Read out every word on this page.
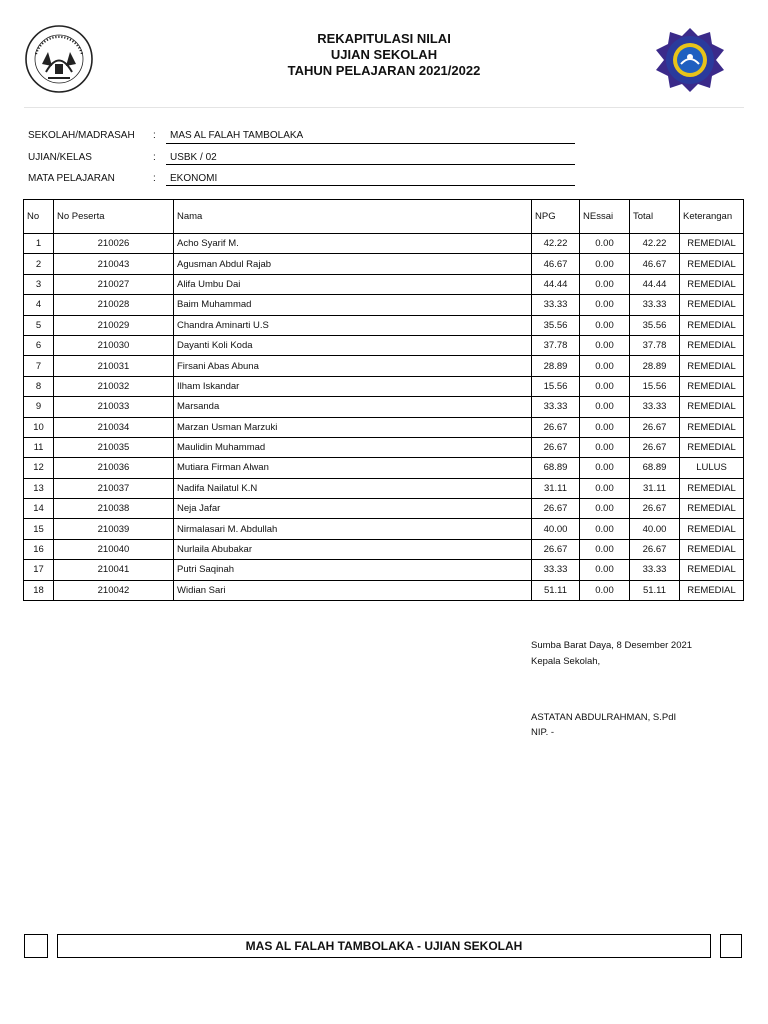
REKAPITULASI NILAI
UJIAN SEKOLAH
TAHUN PELAJARAN 2021/2022
SEKOLAH/MADRASAH : MAS AL FALAH TAMBOLAKA
UJIAN/KELAS	: USBK / 02
MATA PELAJARAN	: EKONOMI
No	No Peserta	Nama	NPG	NEssai	Total	Keterangan
1	210026	Acho Syarif M.	42.22	0.00	42.22	REMEDIAL
2	210043	Agusman Abdul Rajab	46.67	0.00	46.67	REMEDIAL
3	210027	Alifa Umbu Dai	44.44	0.00	44.44	REMEDIAL
4	210028	Baim Muhammad	33.33	0.00	33.33	REMEDIAL
5	210029	Chandra Aminarti U.S	35.56	0.00	35.56	REMEDIAL
6	210030	Dayanti Koli Koda	37.78	0.00	37.78	REMEDIAL
7	210031	Firsani Abas Abuna	28.89	0.00	28.89	REMEDIAL
8	210032	Ilham Iskandar	15.56	0.00	15.56	REMEDIAL
9	210033	Marsanda	33.33	0.00	33.33	REMEDIAL
10	210034	Marzan Usman Marzuki	26.67	0.00	26.67	REMEDIAL
11	210035	Maulidin Muhammad	26.67	0.00	26.67	REMEDIAL
12	210036	Mutiara Firman Alwan	68.89	0.00	68.89	LULUS
13	210037	Nadifa Nailatul K.N	31.11	0.00	31.11	REMEDIAL
14	210038	Neja Jafar	26.67	0.00	26.67	REMEDIAL
15	210039	Nirmalasari M. Abdullah	40.00	0.00	40.00	REMEDIAL
16	210040	Nurlaila Abubakar	26.67	0.00	26.67	REMEDIAL
17	210041	Putri Saqinah	33.33	0.00	33.33	REMEDIAL
18	210042	Widian Sari	51.11	0.00	51.11	REMEDIAL
Sumba Barat Daya, 8 Desember 2021
Kepala Sekolah,
ASTATAN ABDULRAHMAN, S.PdI
NIP. -
MAS AL FALAH TAMBOLAKA - UJIAN SEKOLAH
